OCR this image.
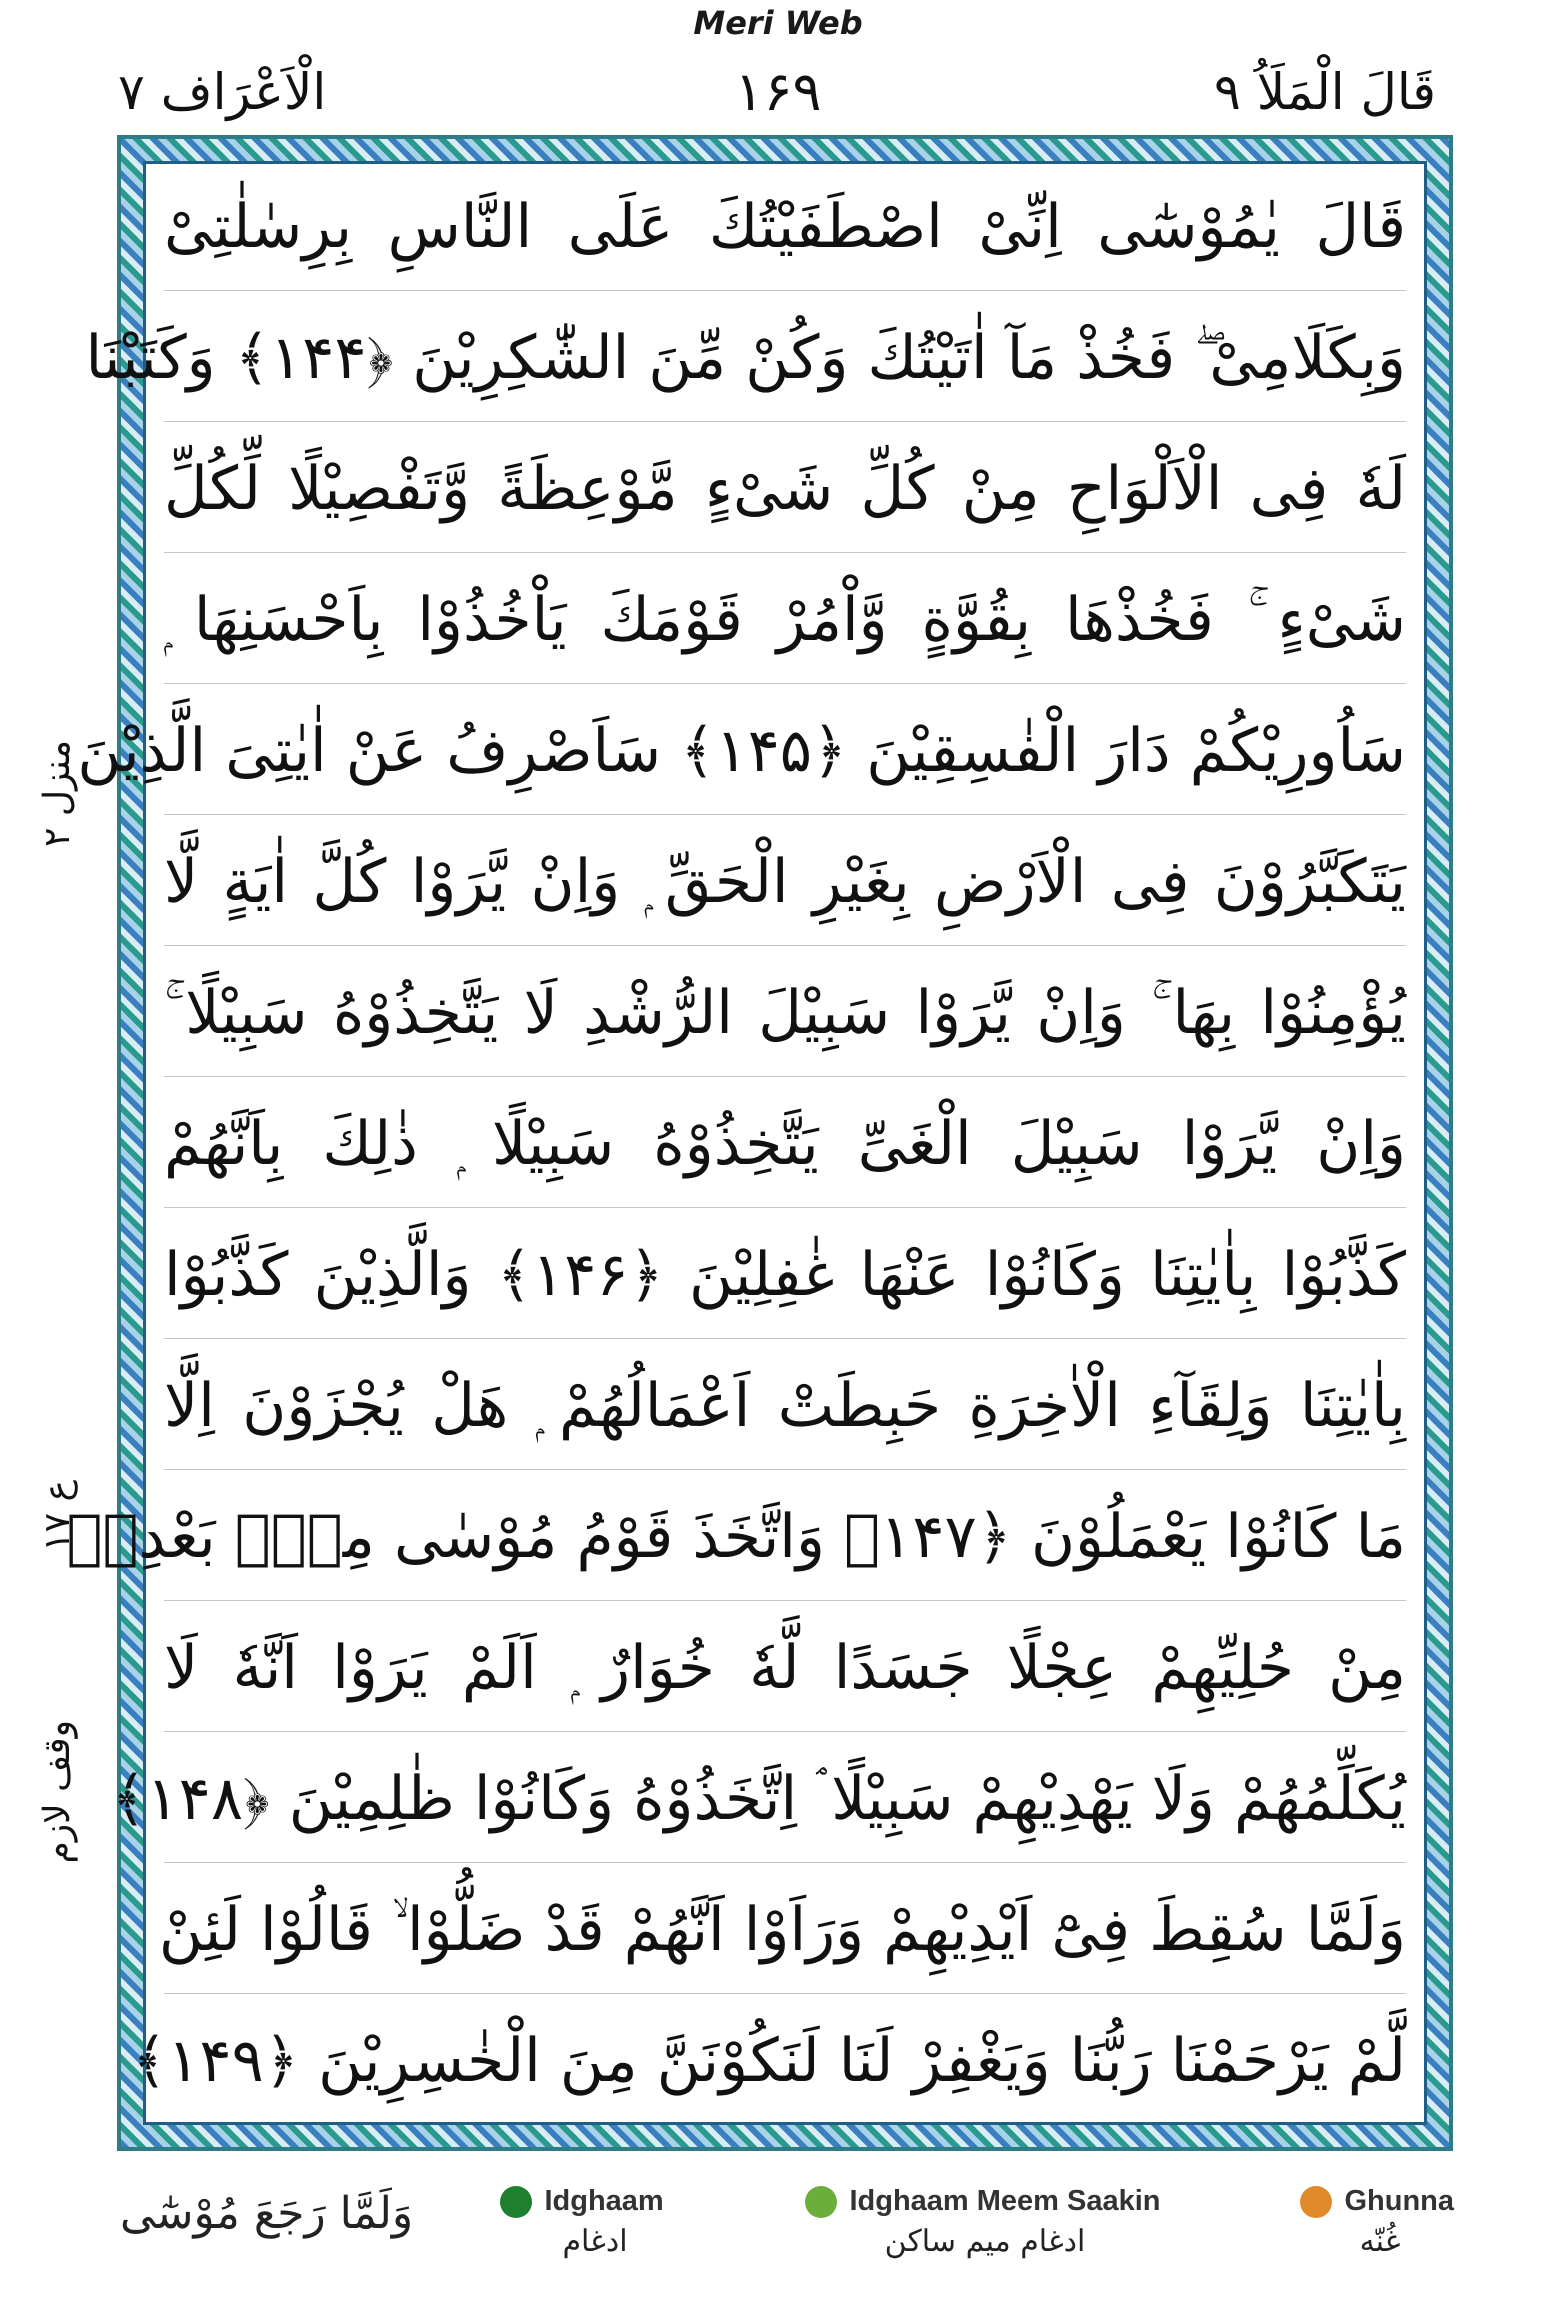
Meri Web
قَالَ الْمَلَاُ ۹
۱۶۹
الْاَعْرَاف ۷
منزل ۲
ع ۱۷
وقف لازم
قَالَ يٰمُوْسٰٓى اِنِّىْ اصْطَفَيْتُكَ عَلَى النَّاسِ بِرِسٰلٰتِىْ
وَبِكَلَامِىْ ۖ فَخُذْ مَآ اٰتَيْتُكَ وَكُنْ مِّنَ الشّٰكِرِيْنَ ﴿۱۴۴﴾ وَكَتَبْنَا
لَهٗ فِى الْاَلْوَاحِ مِنْ كُلِّ شَىْءٍ مَّوْعِظَةً وَّتَفْصِيْلًا لِّكُلِّ
شَىْءٍ ۚ فَخُذْهَا بِقُوَّةٍ وَّاْمُرْ قَوْمَكَ يَاْخُذُوْا بِاَحْسَنِهَا ۭ
سَاُورِيْكُمْ دَارَ الْفٰسِقِيْنَ ﴿۱۴۵﴾ سَاَصْرِفُ عَنْ اٰيٰتِىَ الَّذِيْنَ
يَتَكَبَّرُوْنَ فِى الْاَرْضِ بِغَيْرِ الْحَقِّ ۭ وَاِنْ يَّرَوْا كُلَّ اٰيَةٍ لَّا
يُؤْمِنُوْا بِهَا ۚ وَاِنْ يَّرَوْا سَبِيْلَ الرُّشْدِ لَا يَتَّخِذُوْهُ سَبِيْلًا ۚ
وَاِنْ يَّرَوْا سَبِيْلَ الْغَىِّ يَتَّخِذُوْهُ سَبِيْلًا ۭ ذٰلِكَ بِاَنَّهُمْ
كَذَّبُوْا بِاٰيٰتِنَا وَكَانُوْا عَنْهَا غٰفِلِيْنَ ﴿۱۴۶﴾ وَالَّذِيْنَ كَذَّبُوْا
بِاٰيٰتِنَا وَلِقَآءِ الْاٰخِرَةِ حَبِطَتْ اَعْمَالُهُمْ ۭ هَلْ يُجْزَوْنَ اِلَّا
مَا كَانُوْا يَعْمَلُوْنَ ﴿۱۴۷﴾ وَاتَّخَذَ قَوْمُ مُوْسٰى مِنْۢ بَعْدِهٖ
مِنْ حُلِيِّهِمْ عِجْلًا جَسَدًا لَّهٗ خُوَارٌ ۭ اَلَمْ يَرَوْا اَنَّهٗ لَا
يُكَلِّمُهُمْ وَلَا يَهْدِيْهِمْ سَبِيْلًا ۘ اِتَّخَذُوْهُ وَكَانُوْا ظٰلِمِيْنَ ﴿۱۴۸﴾
وَلَمَّا سُقِطَ فِىْٓ اَيْدِيْهِمْ وَرَاَوْا اَنَّهُمْ قَدْ ضَلُّوْا ۙ قَالُوْا لَئِنْ
لَّمْ يَرْحَمْنَا رَبُّنَا وَيَغْفِرْ لَنَا لَنَكُوْنَنَّ مِنَ الْخٰسِرِيْنَ ﴿۱۴۹﴾
وَلَمَّا رَجَعَ مُوْسٰٓى	Idghaam
ادغام
Idghaam Meem Saakin
ادغام میم ساکن
Ghunna
غُنّه
